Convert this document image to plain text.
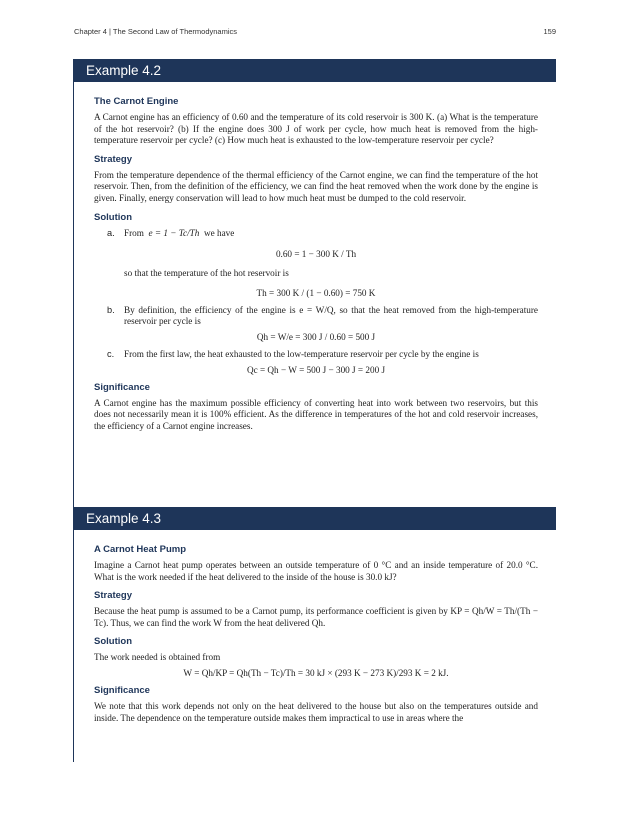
Chapter 4 | The Second Law of Thermodynamics	159
Example 4.2
The Carnot Engine

A Carnot engine has an efficiency of 0.60 and the temperature of its cold reservoir is 300 K. (a) What is the temperature of the hot reservoir? (b) If the engine does 300 J of work per cycle, how much heat is removed from the high-temperature reservoir per cycle? (c) How much heat is exhausted to the low-temperature reservoir per cycle?

Strategy

From the temperature dependence of the thermal efficiency of the Carnot engine, we can find the temperature of the hot reservoir. Then, from the definition of the efficiency, we can find the heat removed when the work done by the engine is given. Finally, energy conservation will lead to how much heat must be dumped to the cold reservoir.

Solution
a. From e = 1 − Tc/Th we have
0.60 = 1 − 300 K / Th
so that the temperature of the hot reservoir is
Th = 300 K / (1 − 0.60) = 750 K
b. By definition, the efficiency of the engine is e = W/Q, so that the heat removed from the high-temperature reservoir per cycle is
Qh = W/e = 300 J / 0.60 = 500 J
c. From the first law, the heat exhausted to the low-temperature reservoir per cycle by the engine is
Qc = Qh − W = 500 J − 300 J = 200 J
Significance

A Carnot engine has the maximum possible efficiency of converting heat into work between two reservoirs, but this does not necessarily mean it is 100% efficient. As the difference in temperatures of the hot and cold reservoir increases, the efficiency of a Carnot engine increases.

Example 4.3
A Carnot Heat Pump

Imagine a Carnot heat pump operates between an outside temperature of 0 °C and an inside temperature of 20.0 °C. What is the work needed if the heat delivered to the inside of the house is 30.0 kJ?

Strategy

Because the heat pump is assumed to be a Carnot pump, its performance coefficient is given by KP = Qh/W = Th/(Th − Tc). Thus, we can find the work W from the heat delivered Qh.

Solution

The work needed is obtained from

W = Qh/KP = Qh(Th − Tc)/Th = 30 kJ × (293 K − 273 K)/293 K = 2 kJ.
Significance

We note that this work depends not only on the heat delivered to the house but also on the temperatures outside and inside. The dependence on the temperature outside makes them impractical to use in areas where the
